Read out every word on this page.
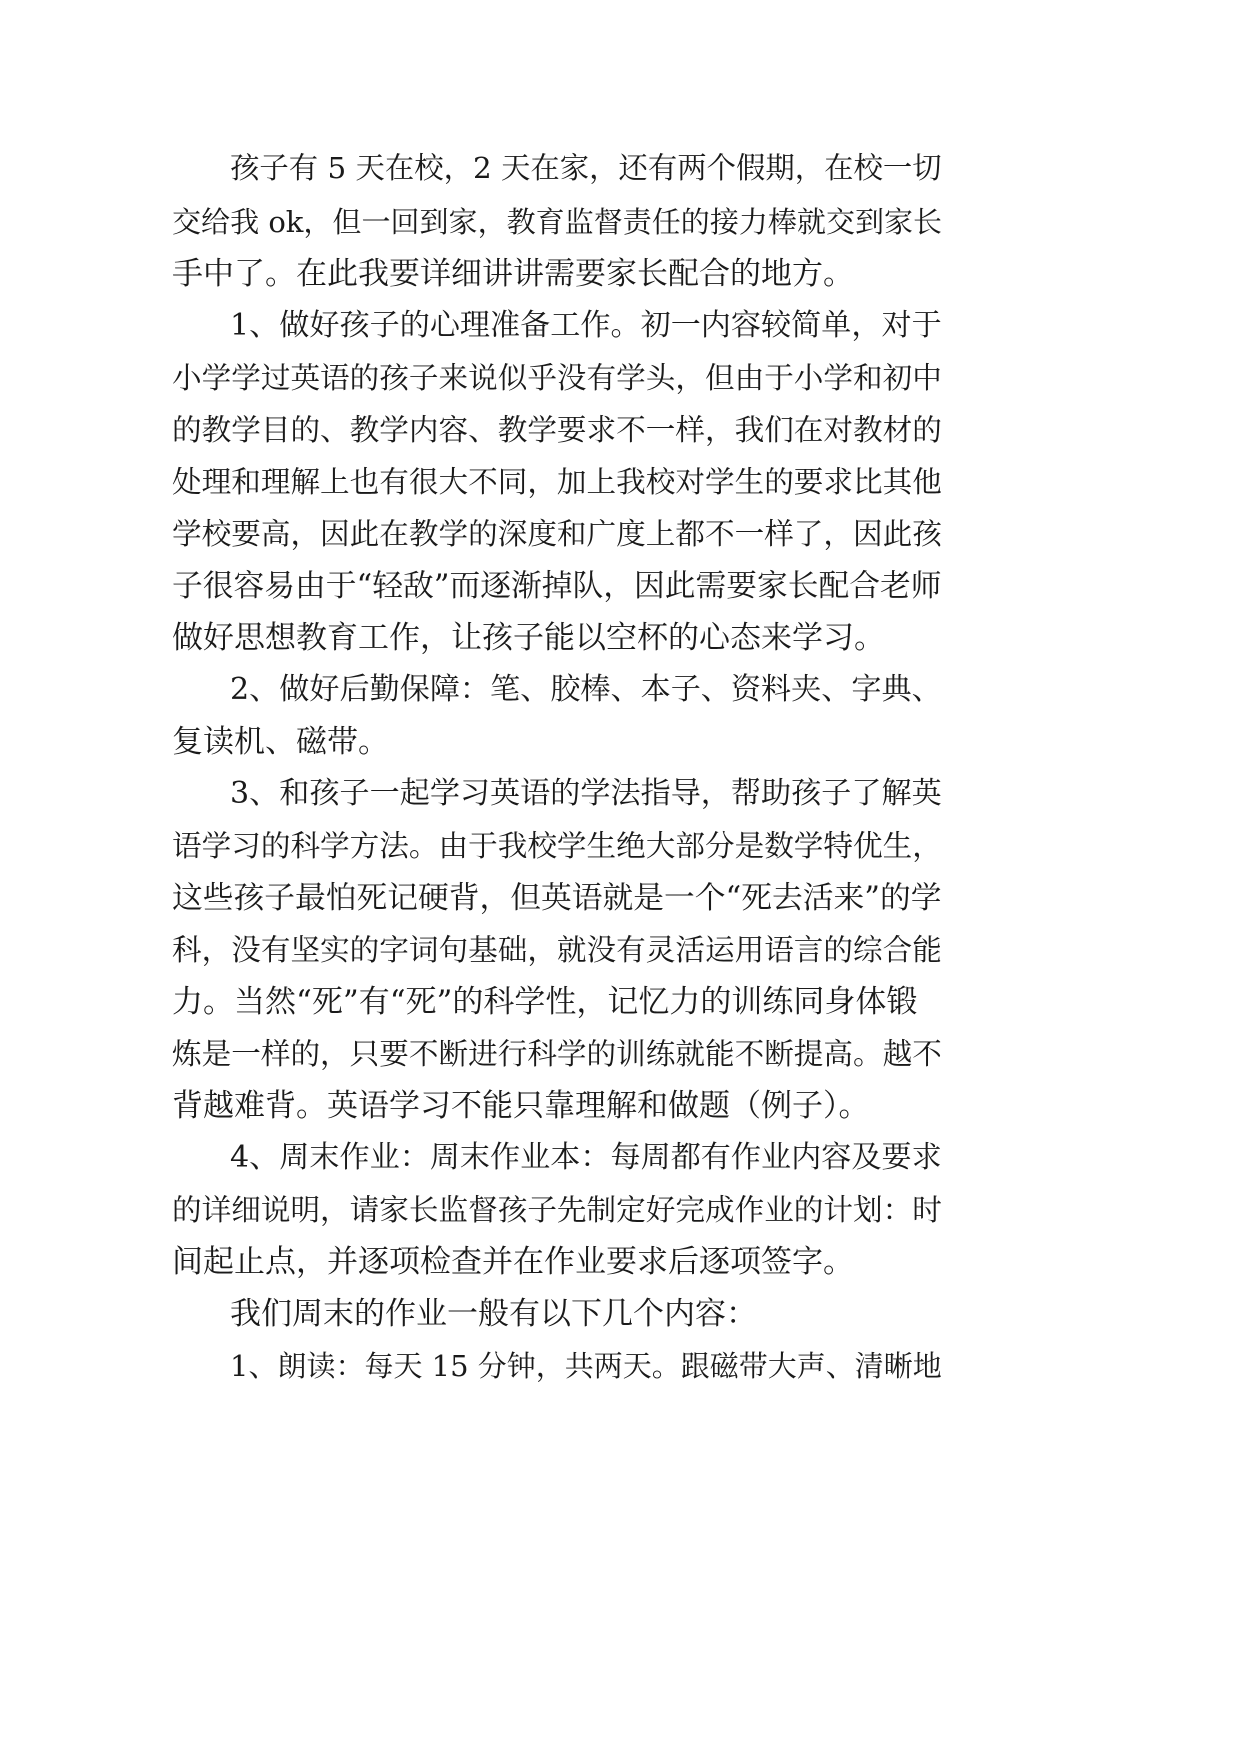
孩子有 5 天在校，2 天在家，还有两个假期，在校一切
交给我 ok，但一回到家，教育监督责任的接力棒就交到家长
手中了。在此我要详细讲讲需要家长配合的地方。
1、做好孩子的心理准备工作。初一内容较简单，对于
小学学过英语的孩子来说似乎没有学头，但由于小学和初中
的教学目的、教学内容、教学要求不一样，我们在对教材的
处理和理解上也有很大不同，加上我校对学生的要求比其他
学校要高，因此在教学的深度和广度上都不一样了，因此孩
子很容易由于“轻敌”而逐渐掉队，因此需要家长配合老师
做好思想教育工作，让孩子能以空杯的心态来学习。
2、做好后勤保障：笔、胶棒、本子、资料夹、字典、
复读机、磁带。
3、和孩子一起学习英语的学法指导，帮助孩子了解英
语学习的科学方法。由于我校学生绝大部分是数学特优生，
这些孩子最怕死记硬背，但英语就是一个“死去活来”的学
科，没有坚实的字词句基础，就没有灵活运用语言的综合能
力。当然“死”有“死”的科学性，记忆力的训练同身体锻
炼是一样的，只要不断进行科学的训练就能不断提高。越不
背越难背。英语学习不能只靠理解和做题（例子）。
4、周末作业：周末作业本：每周都有作业内容及要求
的详细说明，请家长监督孩子先制定好完成作业的计划：时
间起止点，并逐项检查并在作业要求后逐项签字。
我们周末的作业一般有以下几个内容：
1、朗读：每天 15 分钟，共两天。跟磁带大声、清晰地
